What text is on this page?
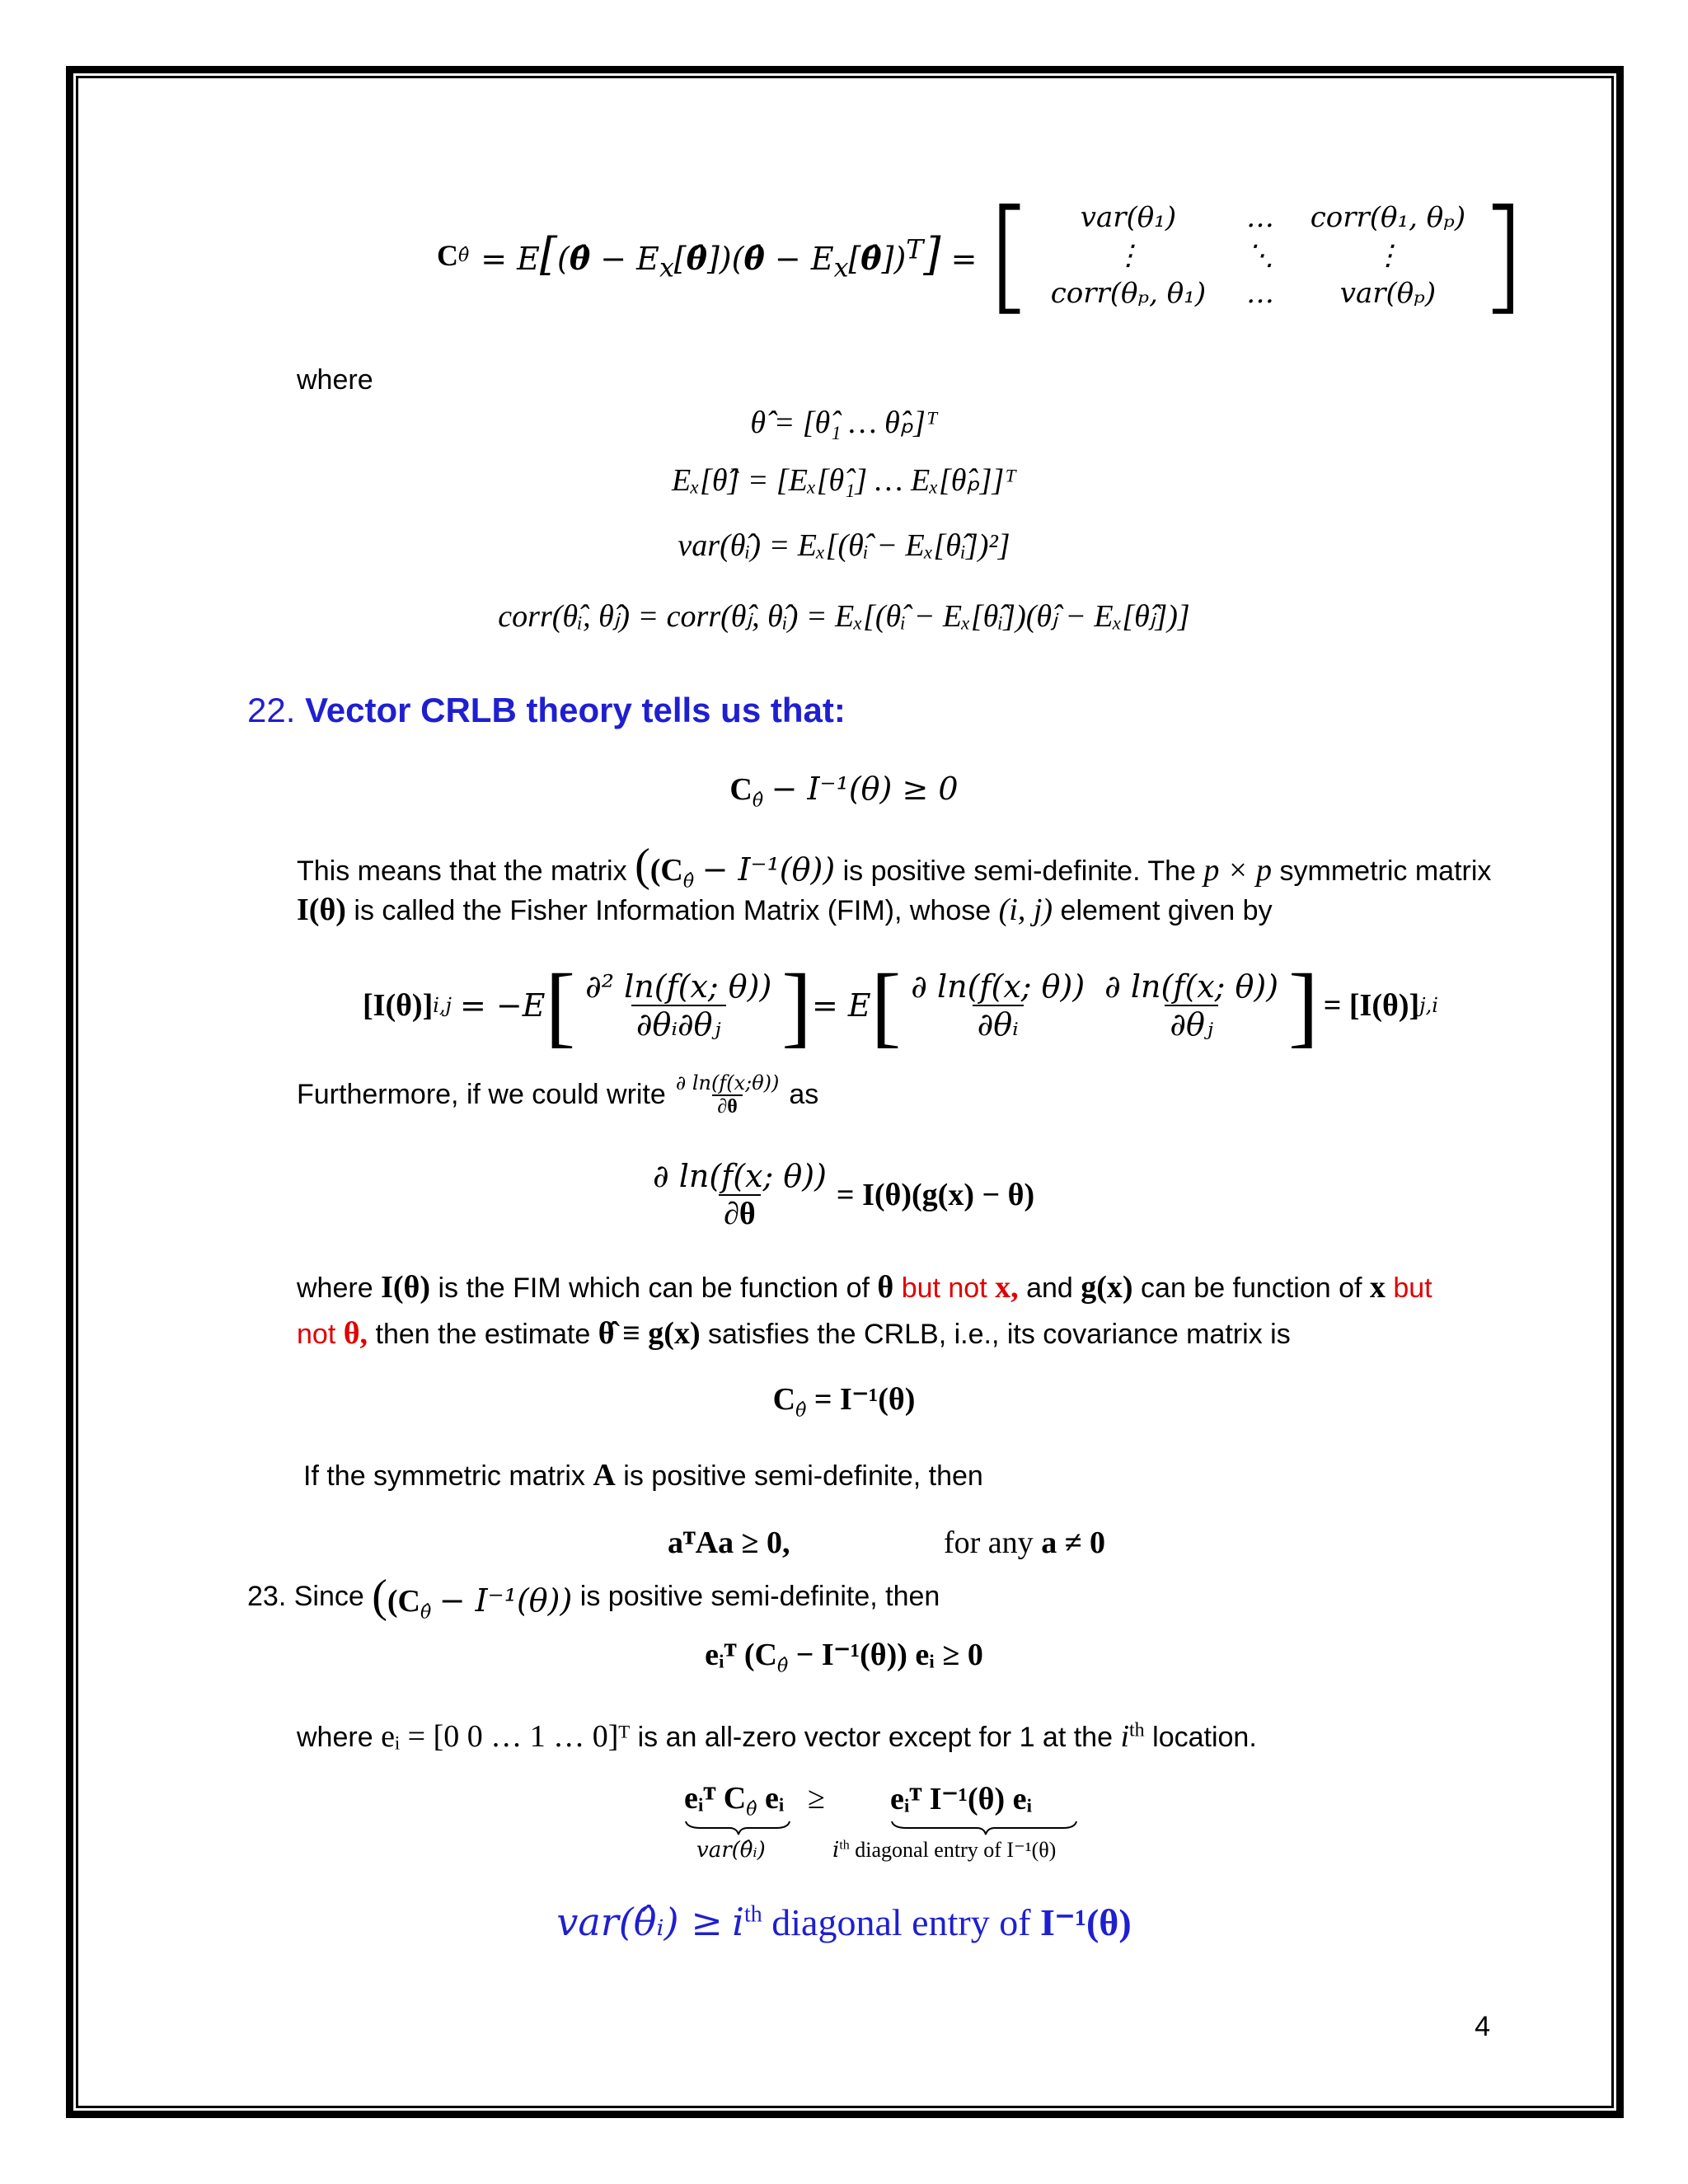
C θ̂ = E[(θ̂ − $E_x[\thetâ])(\thetâ$ − $E_x[\thetâ])^T$] = [	var(θ₁)	…	corr(θ₁, θₚ)
⋮	⋱	⋮
corr(θₚ, θ₁)	…	var(θₚ) ]
where
θ̂ = [θ̂₁ … θ̂ₚ]ᵀ
Eₓ[θ̂] = [Eₓ[θ̂₁] … Eₓ[θ̂ₚ]]ᵀ
var(θ̂ᵢ) = Eₓ[(θ̂ᵢ − Eₓ[θ̂ᵢ])²]
corr(θ̂ᵢ, θ̂ⱼ) = corr(θ̂ⱼ, θ̂ᵢ) = Eₓ[(θ̂ᵢ − Eₓ[θ̂ᵢ])(θ̂ⱼ − Eₓ[θ̂ⱼ])]
22. Vector CRLB theory tells us that:
$C_{\thetâ} - I^{-1}(\theta) \ge 0$
This means that the matrix ($(C_{\thetâ} - I^{-1}(\theta))$ is positive semi-definite. The p × p symmetric matrix
I(θ) is called the Fisher Information Matrix (FIM), whose (i, j) element given by
[I(θ)] i,j = −E [ $\frac{\text{∂² ln(f(x; θ))}}{\text{∂θᵢ∂θⱼ}}$ ] = E [ $\frac{\partial \ln(f(x; \theta))}{\text{∂θᵢ}} \frac{\partial \ln(f(x; \theta))}{\text{∂θⱼ}}$ ] = [I(θ)] j,i
Furthermore, if we could write $\frac{\partial \ln(f(x;\theta))}{\partial\theta}$ as
$\frac{\partial \ln(f(x; \theta))}{\partial\theta} = I(\theta)(g(x) - \theta)$
where I(θ) is the FIM which can be function of θ but not x, and g(x) can be function of x but
not θ, then the estimate θ̂ ≡ g(x) satisfies the CRLB, i.e., its covariance matrix is
$C_{\thetâ} = I^{-1}(\theta)$
If the symmetric matrix A is positive semi-definite, then
aᵀAa ≥ 0,	for any a ≠ 0
23.
Since
($(C_{\thetâ} - I^{-1}(\theta))$
is positive semi-definite, then
eᵢᵀ $(C_{\thetâ} - I^{-1}(\theta))$ eᵢ ≥ 0
where eᵢ = [0 0 … 1 … 0]ᵀ is an all-zero vector except for 1 at the $i^{th}$ location.
eᵢᵀ $C_{\thetâ}$ eᵢ ≥ eᵢᵀ I⁻¹(θ) eᵢ
var(θ̂ᵢ)	$i^{th}$ diagonal entry of I⁻¹(θ)
var(θ̂ᵢ) ≥ $i^{th}$ diagonal entry of I⁻¹(θ)
4
